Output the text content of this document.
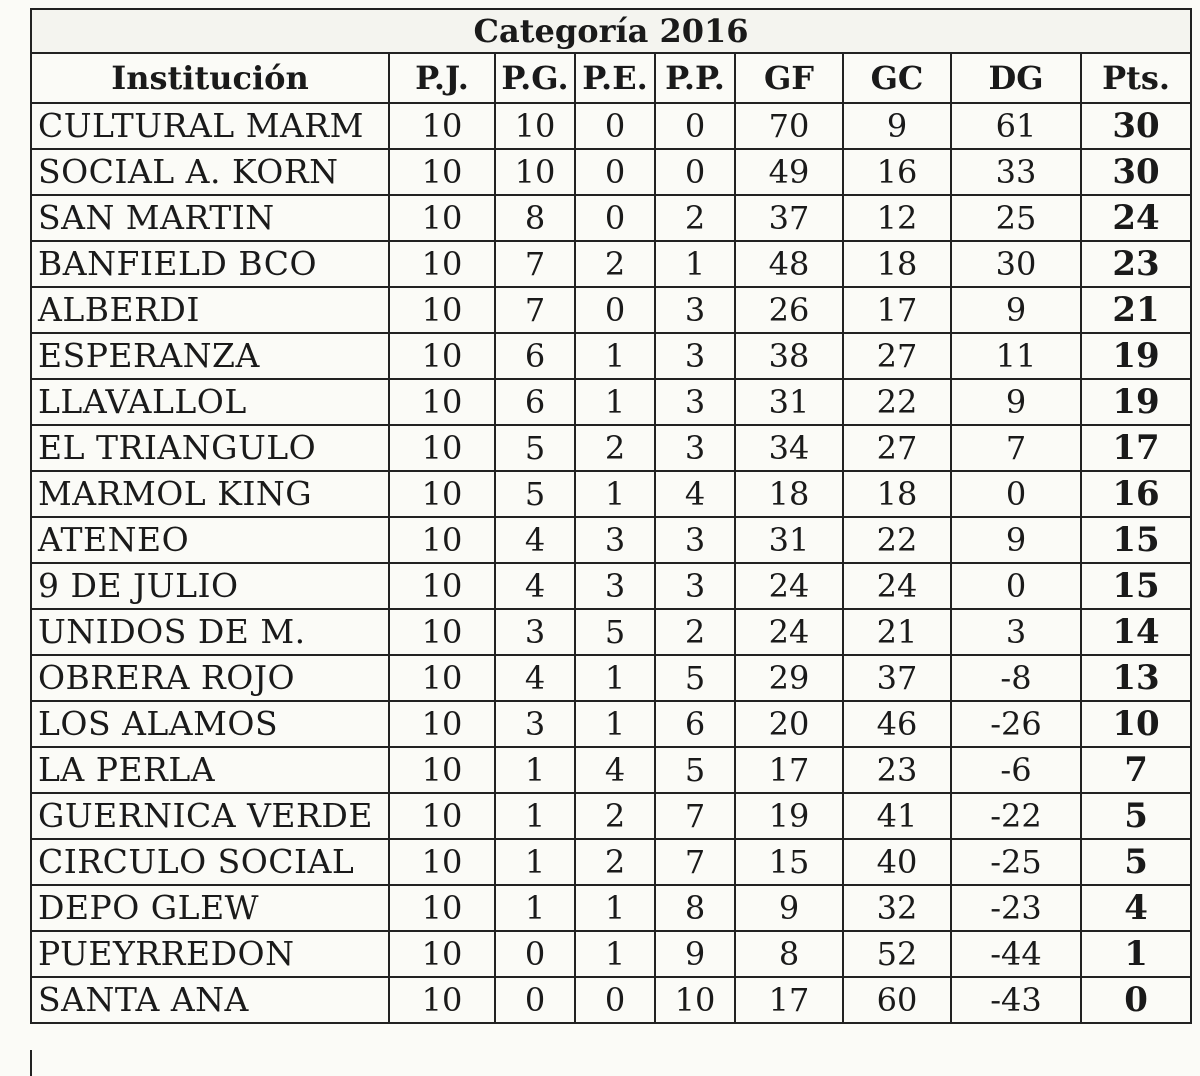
Categoría 2016								
Institución	P.J.	P.G.	P.E.	P.P.	GF	GC	DG	Pts.
CULTURAL MARM	10	10	0	0	70	9	61	30
SOCIAL A. KORN	10	10	0	0	49	16	33	30
SAN MARTIN	10	8	0	2	37	12	25	24
BANFIELD BCO	10	7	2	1	48	18	30	23
ALBERDI	10	7	0	3	26	17	9	21
ESPERANZA	10	6	1	3	38	27	11	19
LLAVALLOL	10	6	1	3	31	22	9	19
EL TRIANGULO	10	5	2	3	34	27	7	17
MARMOL KING	10	5	1	4	18	18	0	16
ATENEO	10	4	3	3	31	22	9	15
9 DE JULIO	10	4	3	3	24	24	0	15
UNIDOS DE M.	10	3	5	2	24	21	3	14
OBRERA ROJO	10	4	1	5	29	37	-8	13
LOS ALAMOS	10	3	1	6	20	46	-26	10
LA PERLA	10	1	4	5	17	23	-6	7
GUERNICA VERDE	10	1	2	7	19	41	-22	5
CIRCULO SOCIAL	10	1	2	7	15	40	-25	5
DEPO GLEW	10	1	1	8	9	32	-23	4
PUEYRREDON	10	0	1	9	8	52	-44	1
SANTA ANA	10	0	0	10	17	60	-43	0
